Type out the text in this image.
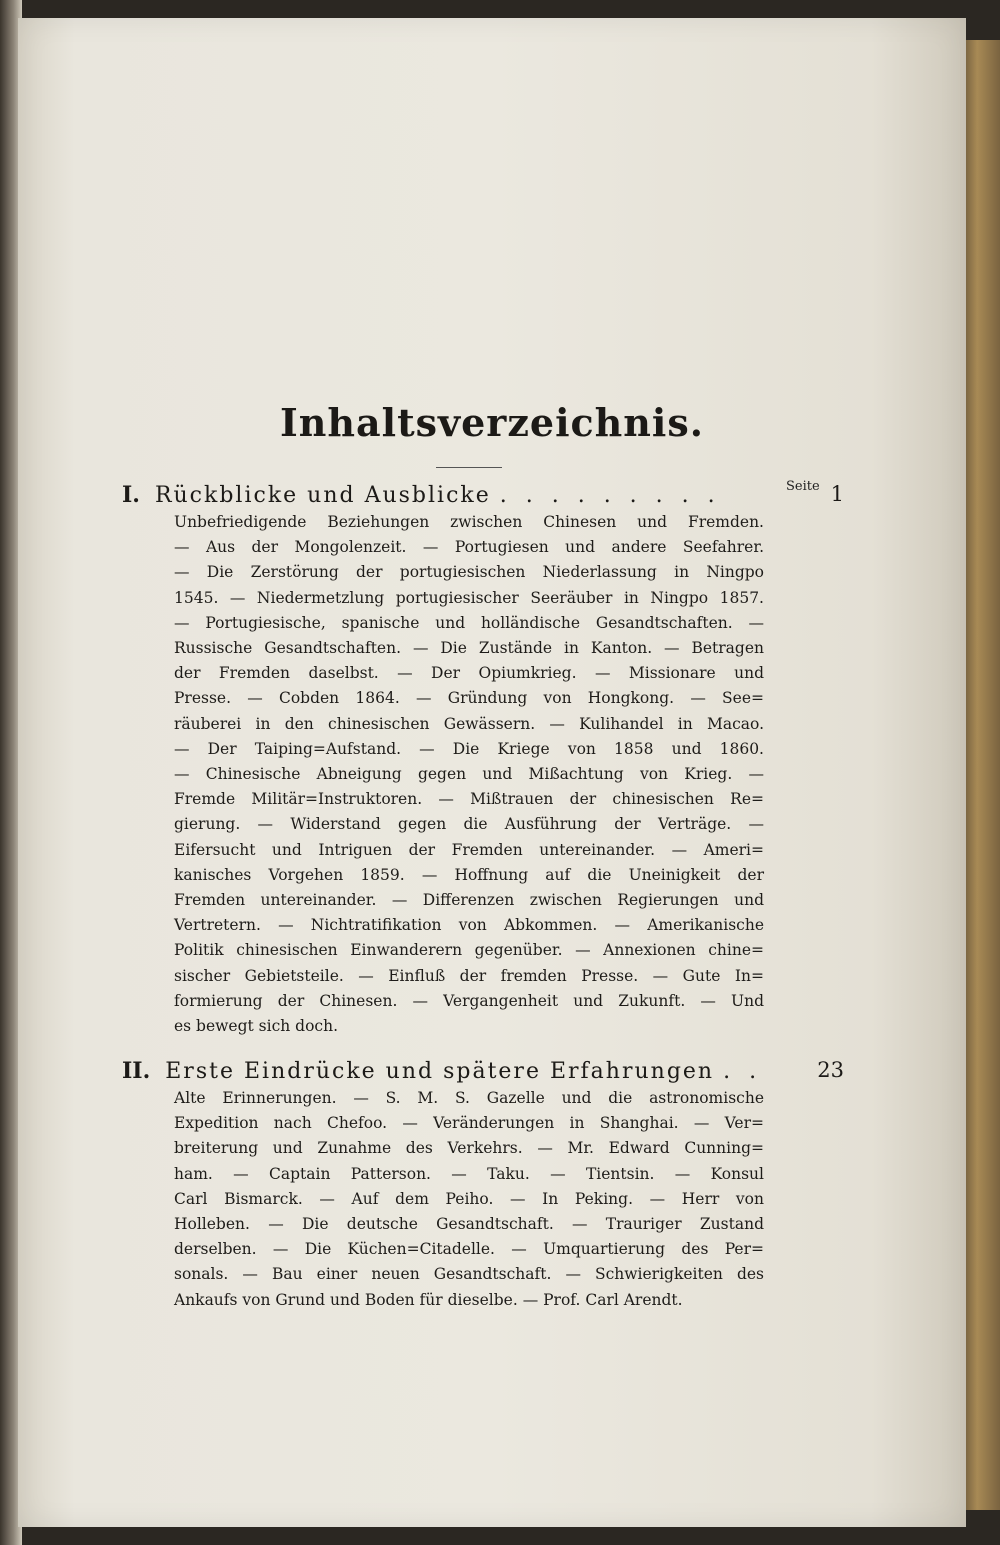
Inhaltsverzeichnis.
Seite
I. Rückblicke und Ausblicke . . . . . . . . .	1
Unbefriedigende Beziehungen zwischen Chinesen und Fremden.
— Aus der Mongolenzeit. — Portugiesen und andere Seefahrer.
— Die Zerstörung der portugiesischen Niederlassung in Ningpo
1545. — Niedermetzlung portugiesischer Seeräuber in Ningpo 1857.
— Portugiesische, spanische und holländische Gesandtschaften. —
Russische Gesandtschaften. — Die Zustände in Kanton. — Betragen
der Fremden daselbst. — Der Opiumkrieg. — Missionare und
Presse. — Cobden 1864. — Gründung von Hongkong. — See=
räuberei in den chinesischen Gewässern. — Kulihandel in Macao.
— Der Taiping=Aufstand. — Die Kriege von 1858 und 1860.
— Chinesische Abneigung gegen und Mißachtung von Krieg. —
Fremde Militär=Instruktoren. — Mißtrauen der chinesischen Re=
gierung. — Widerstand gegen die Ausführung der Verträge. —
Eifersucht und Intriguen der Fremden untereinander. — Ameri=
kanisches Vorgehen 1859. — Hoffnung auf die Uneinigkeit der
Fremden untereinander. — Differenzen zwischen Regierungen und
Vertretern. — Nichtratifikation von Abkommen. — Amerikanische
Politik chinesischen Einwanderern gegenüber. — Annexionen chine=
sischer Gebietsteile. — Einfluß der fremden Presse. — Gute In=
formierung der Chinesen. — Vergangenheit und Zukunft. — Und
es bewegt sich doch.
II. Erste Eindrücke und spätere Erfahrungen . .	23
Alte Erinnerungen. — S. M. S. Gazelle und die astronomische
Expedition nach Chefoo. — Veränderungen in Shanghai. — Ver=
breiterung und Zunahme des Verkehrs. — Mr. Edward Cunning=
ham. — Captain Patterson. — Taku. — Tientsin. — Konsul
Carl Bismarck. — Auf dem Peiho. — In Peking. — Herr von
Holleben. — Die deutsche Gesandtschaft. — Trauriger Zustand
derselben. — Die Küchen=Citadelle. — Umquartierung des Per=
sonals. — Bau einer neuen Gesandtschaft. — Schwierigkeiten des
Ankaufs von Grund und Boden für dieselbe. — Prof. Carl Arendt.
